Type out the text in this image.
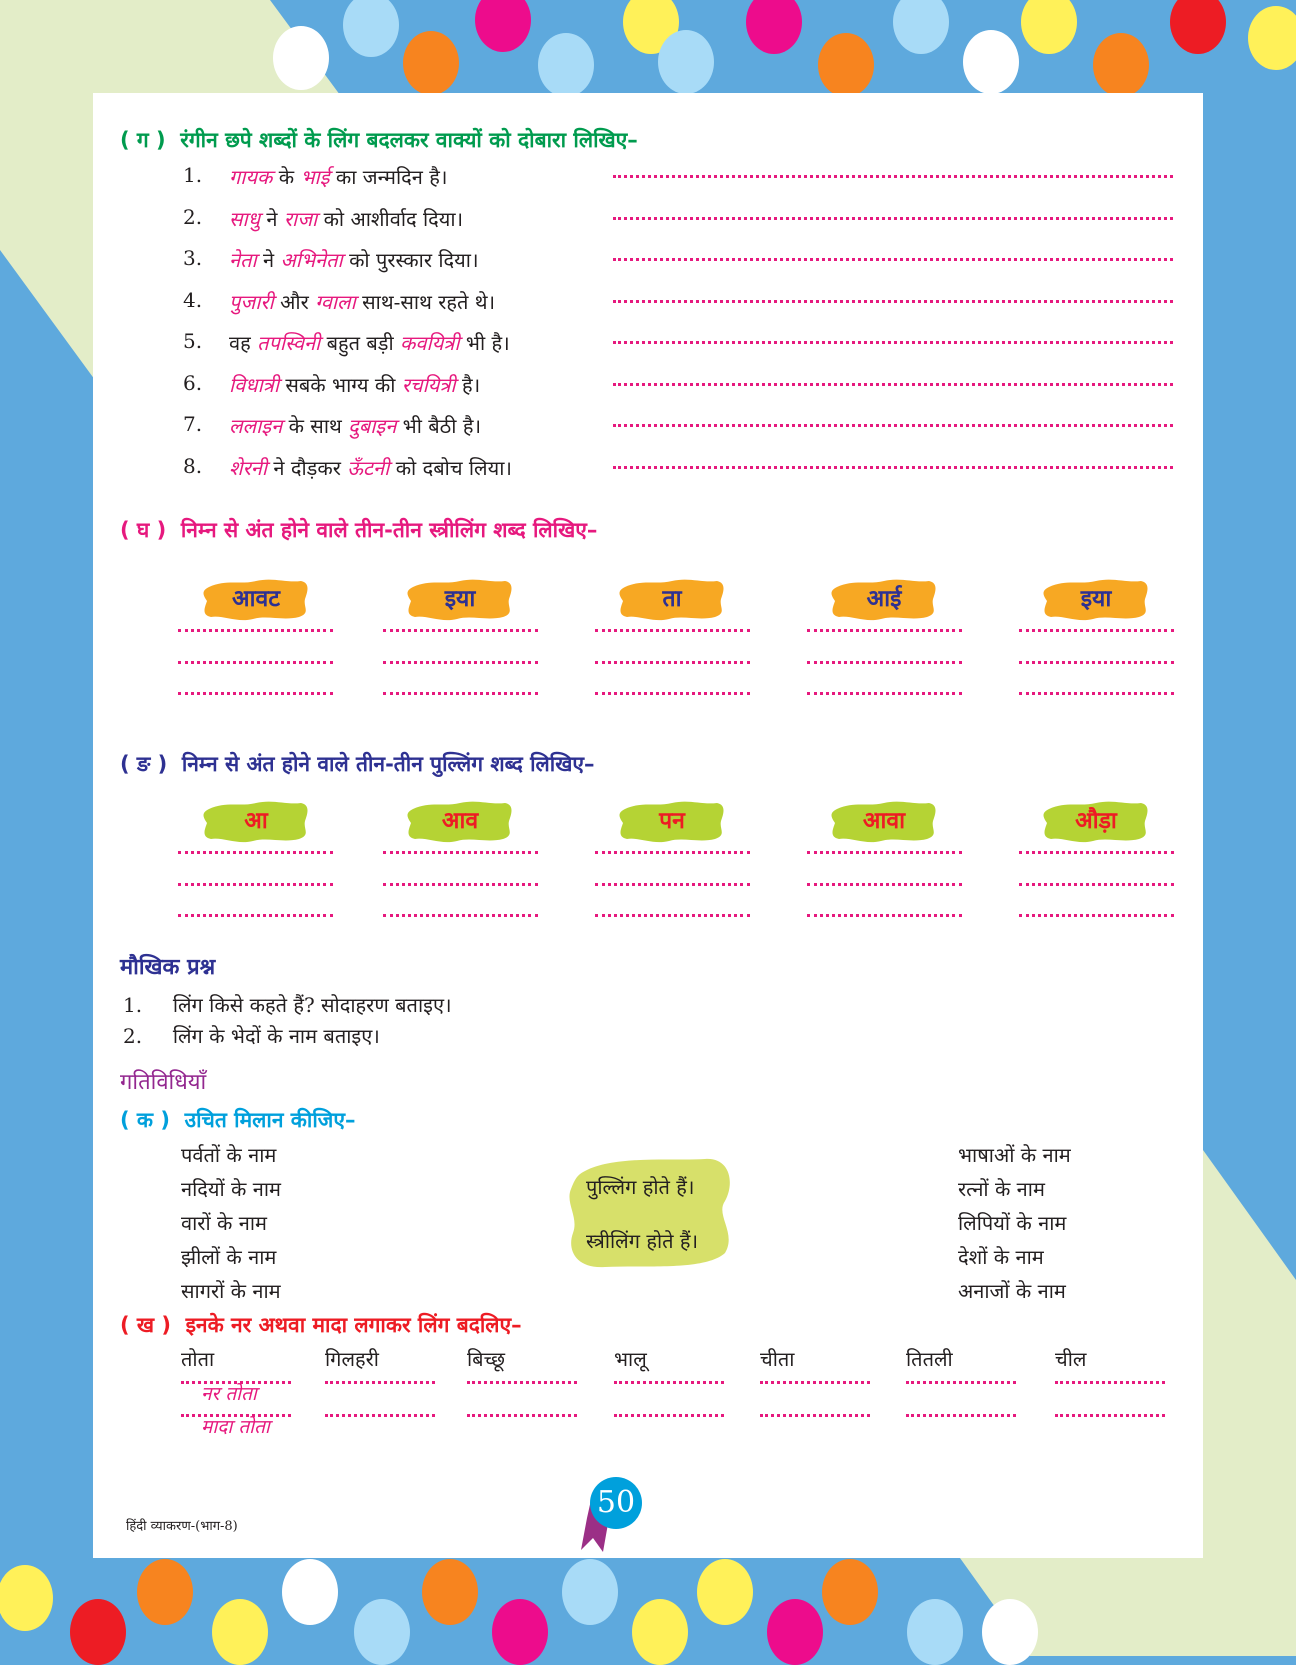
( ग ) रंगीन छपे शब्दों के लिंग बदलकर वाक्यों को दोबारा लिखिए–
1. गायक के भाई का जन्मदिन है।
2. साधु ने राजा को आशीर्वाद दिया।
3. नेता ने अभिनेता को पुरस्कार दिया।
4. पुजारी और ग्वाला साथ-साथ रहते थे।
5. वह तपस्विनी बहुत बड़ी कवयित्री भी है।
6. विधात्री सबके भाग्य की रचयित्री है।
7. ललाइन के साथ दुबाइन भी बैठी है।
8. शेरनी ने दौड़कर ऊँटनी को दबोच लिया।
( घ ) निम्न से अंत होने वाले तीन-तीन स्त्रीलिंग शब्द लिखिए–
आवट	इया	ता	आई	इया
( ङ ) निम्न से अंत होने वाले तीन-तीन पुल्लिंग शब्द लिखिए–
आ	आव	पन	आवा	औड़ा
मौखिक प्रश्न
1. लिंग किसे कहते हैं? सोदाहरण बताइए।
2. लिंग के भेदों के नाम बताइए।
गतिविधियाँ
( क ) उचित मिलान कीजिए–
पर्वतों के नाम
नदियों के नाम
वारों के नाम
झीलों के नाम
सागरों के नाम
भाषाओं के नाम
रत्नों के नाम
लिपियों के नाम
देशों के नाम
अनाजों के नाम
पुल्लिंग होते हैं।
स्त्रीलिंग होते हैं।
( ख ) इनके नर अथवा मादा लगाकर लिंग बदलिए–
तोता	गिलहरी	बिच्छू	भालू	चीता	तितली	चील
नर तोता
मादा तोता
हिंदी व्याकरण-(भाग-8)
50
